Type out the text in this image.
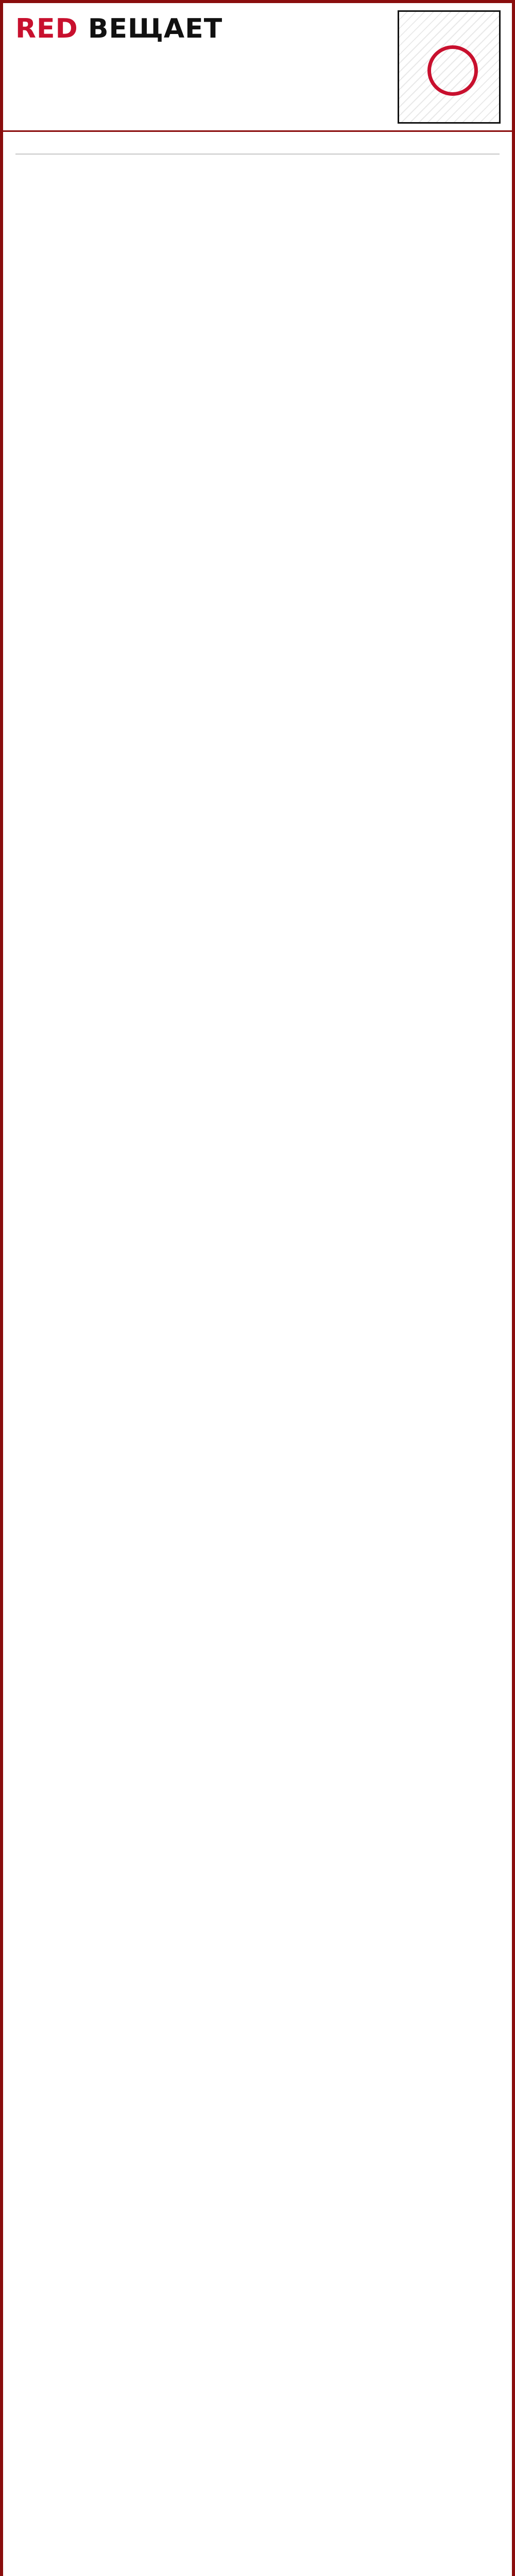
RED ВЕЩАЕТ
